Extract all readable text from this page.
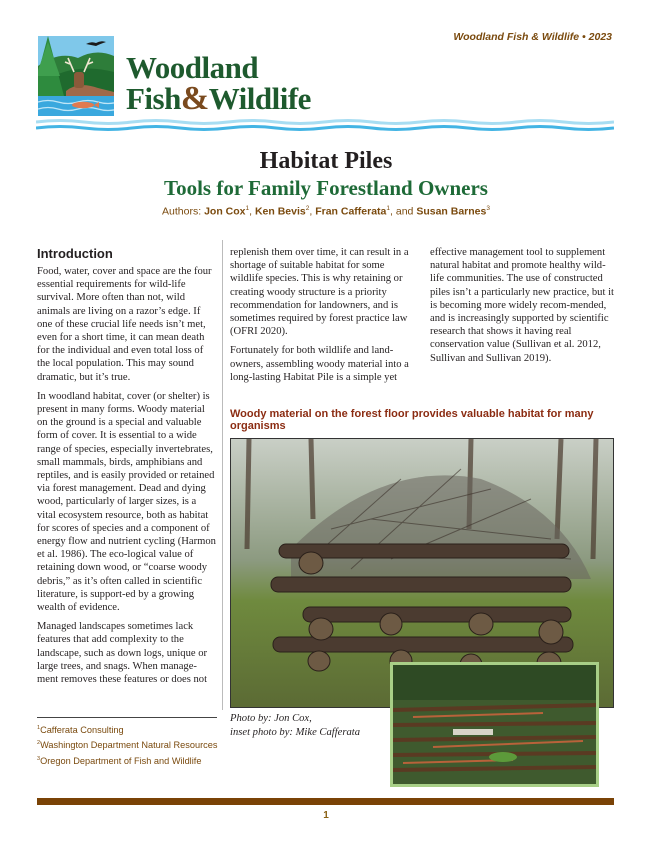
Woodland Fish & Wildlife • 2023
Woodland
Fish&Wildlife
Habitat Piles
Tools for Family Forestland Owners
Authors: Jon Cox$^1$, Ken Bevis$^2$, Fran Cafferata$^1$, and Susan Barnes$^3$
Introduction

Food, water, cover and space are the four essential requirements for wild-life survival. More often than not, wild animals are living on a razor’s edge. If one of these crucial life needs isn’t met, even for a short time, it can mean death for the individual and even total loss of the local population. This may sound dramatic, but it’s true.

In woodland habitat, cover (or shelter) is present in many forms. Woody material on the ground is a special and valuable form of cover. It is essential to a wide range of species, especially invertebrates, small mammals, birds, amphibians and reptiles, and is easily provided or retained via forest management. Dead and dying wood, particularly of larger sizes, is a vital ecosystem resource, both as habitat for scores of species and a component of energy flow and nutrient cycling (Harmon et al. 1986). The eco-logical value of retaining down wood, or “coarse woody debris,” as it’s often called in scientific literature, is support-ed by a growing wealth of evidence.

Managed landscapes sometimes lack features that add complexity to the landscape, such as down logs, unique or large trees, and snags. When manage-ment removes these features or does not

replenish them over time, it can result in a shortage of suitable habitat for some wildlife species. This is why retaining or creating woody structure is a priority recommendation for landowners, and is sometimes required by forest practice law (OFRI 2020).

Fortunately for both wildlife and land-owners, assembling woody material into a long-lasting Habitat Pile is a simple yet

effective management tool to supplement natural habitat and promote healthy wild-life communities. The use of constructed piles isn’t a particularly new practice, but it is becoming more widely recom-mended, and is increasingly supported by scientific research that shows it having real conservation value (Sullivan et al. 2012, Sullivan and Sullivan 2019).

Woody material on the forest floor provides valuable habitat for many organisms
Photo by: Jon Cox,
inset photo by: Mike Cafferata
$^1$Cafferata Consulting
$^2$Washington Department Natural Resources
$^3$Oregon Department of Fish and Wildlife
1
